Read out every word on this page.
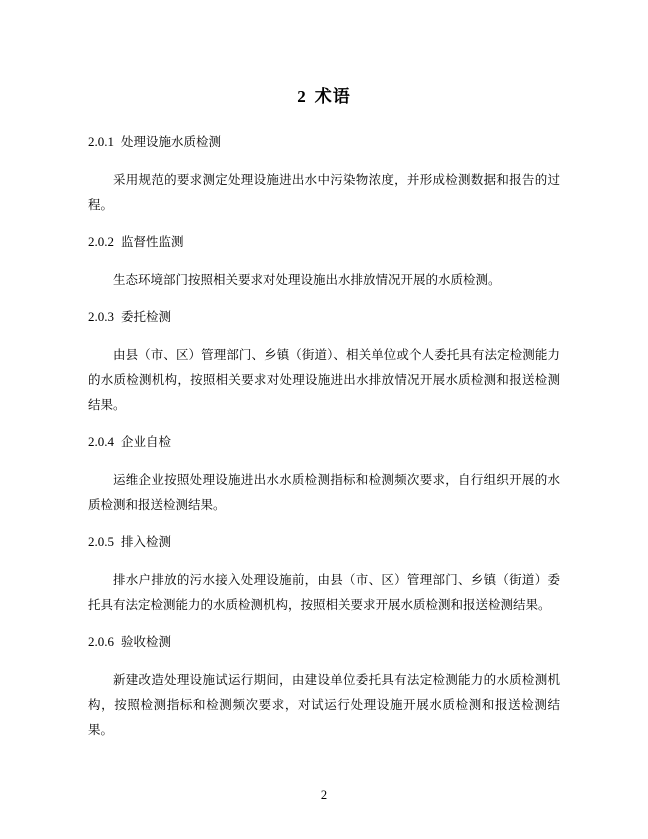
2 术语
2.0.1 处理设施水质检测

采用规范的要求测定处理设施进出水中污染物浓度，并形成检测数据和报告的过程。

2.0.2 监督性监测

生态环境部门按照相关要求对处理设施出水排放情况开展的水质检测。

2.0.3 委托检测

由县（市、区）管理部门、乡镇（街道）、相关单位或个人委托具有法定检测能力的水质检测机构，按照相关要求对处理设施进出水排放情况开展水质检测和报送检测结果。

2.0.4 企业自检

运维企业按照处理设施进出水水质检测指标和检测频次要求，自行组织开展的水质检测和报送检测结果。

2.0.5 排入检测

排水户排放的污水接入处理设施前，由县（市、区）管理部门、乡镇（街道）委托具有法定检测能力的水质检测机构，按照相关要求开展水质检测和报送检测结果。

2.0.6 验收检测

新建改造处理设施试运行期间，由建设单位委托具有法定检测能力的水质检测机构，按照检测指标和检测频次要求，对试运行处理设施开展水质检测和报送检测结果。

2
